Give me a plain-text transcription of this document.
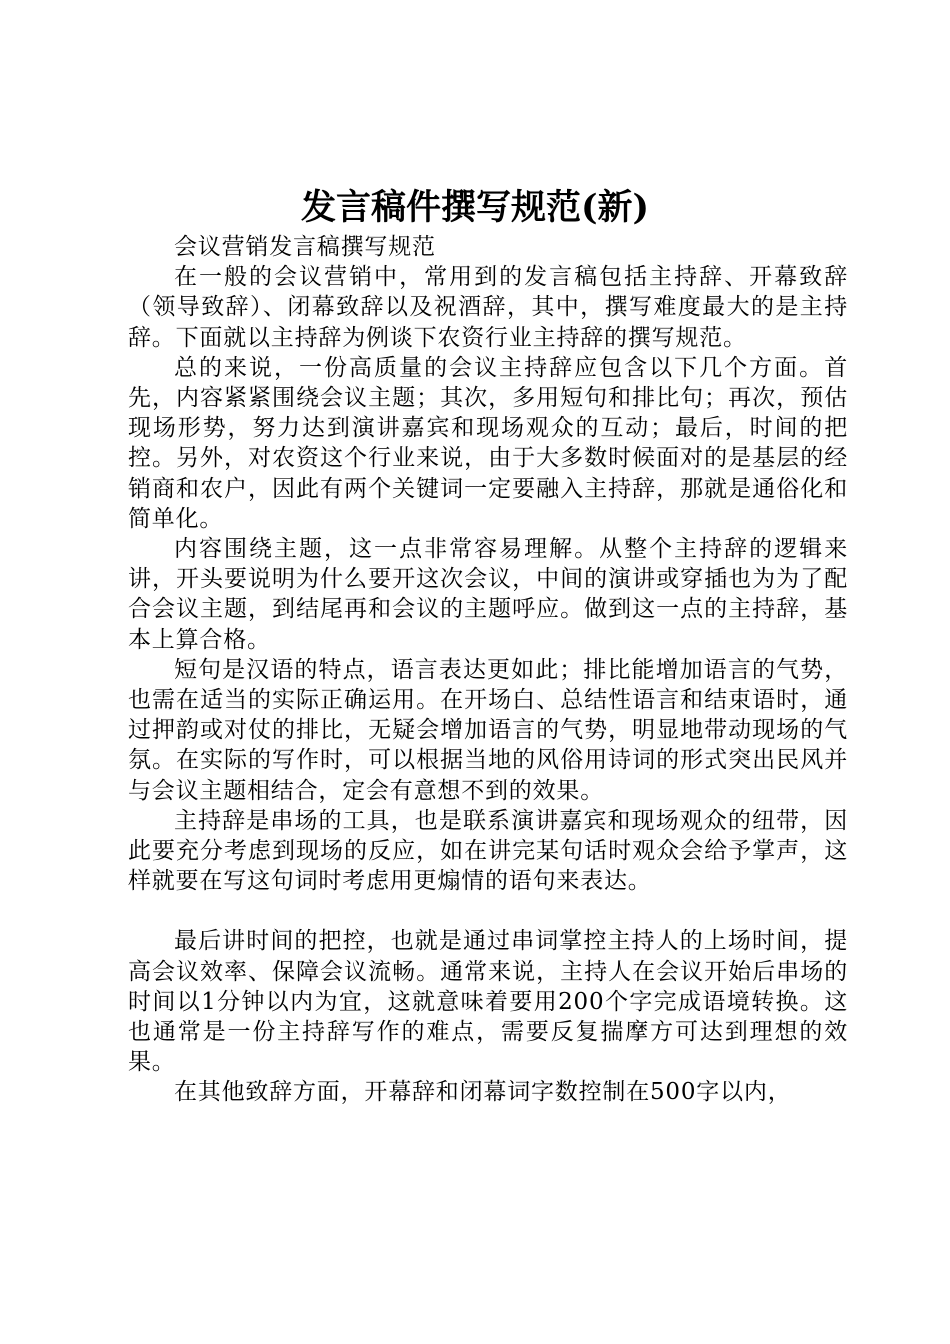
发言稿件撰写规范(新)

会议营销发言稿撰写规范

在一般的会议营销中，常用到的发言稿包括主持辞、开幕致辞（领导致辞）、闭幕致辞以及祝酒辞，其中，撰写难度最大的是主持辞。下面就以主持辞为例谈下农资行业主持辞的撰写规范。

总的来说，一份高质量的会议主持辞应包含以下几个方面。首先，内容紧紧围绕会议主题；其次，多用短句和排比句；再次，预估现场形势，努力达到演讲嘉宾和现场观众的互动；最后，时间的把控。另外，对农资这个行业来说，由于大多数时候面对的是基层的经销商和农户，因此有两个关键词一定要融入主持辞，那就是通俗化和简单化。

内容围绕主题，这一点非常容易理解。从整个主持辞的逻辑来讲，开头要说明为什么要开这次会议，中间的演讲或穿插也为为了配合会议主题，到结尾再和会议的主题呼应。做到这一点的主持辞，基本上算合格。

短句是汉语的特点，语言表达更如此；排比能增加语言的气势，也需在适当的实际正确运用。在开场白、总结性语言和结束语时，通过押韵或对仗的排比，无疑会增加语言的气势，明显地带动现场的气氛。在实际的写作时，可以根据当地的风俗用诗词的形式突出民风并与会议主题相结合，定会有意想不到的效果。

主持辞是串场的工具，也是联系演讲嘉宾和现场观众的纽带，因此要充分考虑到现场的反应，如在讲完某句话时观众会给予掌声，这样就要在写这句词时考虑用更煽情的语句来表达。

最后讲时间的把控，也就是通过串词掌控主持人的上场时间，提高会议效率、保障会议流畅。通常来说，主持人在会议开始后串场的时间以1分钟以内为宜，这就意味着要用200个字完成语境转换。这也通常是一份主持辞写作的难点，需要反复揣摩方可达到理想的效果。

在其他致辞方面，开幕辞和闭幕词字数控制在500字以内，
